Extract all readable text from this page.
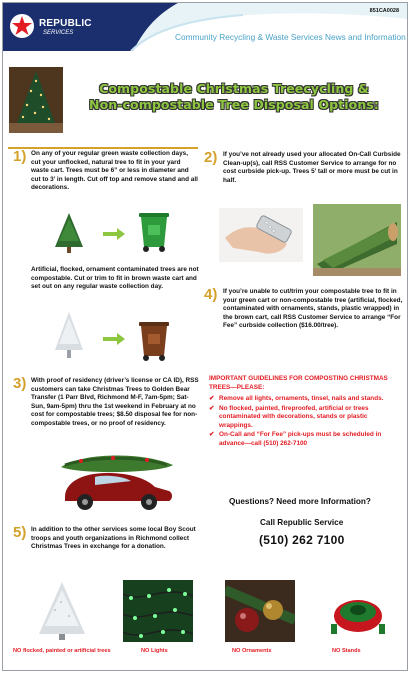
REPUBLIC
SERVICES
851CA0028
Community Recycling & Waste Services News and Information
Compostable Christmas Treecycling &
Non-compostable Tree Disposal Options:
1) On any of your regular green waste collection days, cut your unflocked, natural tree to fit in your yard waste cart. Trees must be 6” or less in diameter and cut to 3’ in length. Cut off top and remove stand and all decorations.

Artificial, flocked, ornament contaminated trees are not compostable. Cut or trim to fit in brown waste cart and set out on any regular waste collection day.

2) If you’ve not already used your allocated On-Call Curbside Clean-up(s), call RSS Customer Service to arrange for no cost curbside pick-up. Trees 5’ tall or more must be cut in half.

4) If you’re unable to cut/trim your compostable tree to fit in your green cart or non-compostable tree (artificial, flocked, contaminated with ornaments, stands, plastic wrapped) in the brown cart, call RSS Customer Service to arrange “For Fee” curbside collection ($16.00/tree).

3) With proof of residency (driver’s license or CA ID), RSS customers can take Christmas Trees to Golden Bear Transfer (1 Parr Blvd, Richmond M-F, 7am-5pm; Sat-Sun, 9am-5pm) thru the 1st weekend in February at no cost for compostable trees; $8.50 disposal fee for non-compostable trees, or no proof of residency.

5) In addition to the other services some local Boy Scout troops and youth organizations in Richmond collect Christmas Trees in exchange for a donation.

IMPORTANT GUIDELINES FOR COMPOSTING CHRISTMAS TREES—PLEASE:
✔ Remove all lights, ornaments, tinsel, nails and stands.
✔ No flocked, painted, fireproofed, artificial or trees contaminated with decorations, stands or plastic wrappings.
✔ On-Call and “For Fee” pick-ups must be scheduled in advance—call (510) 262-7100
Questions? Need more Information?
Call Republic Service
(510) 262 7100
NO flocked, painted or artificial trees	NO Lights	NO Ornaments	NO Stands
